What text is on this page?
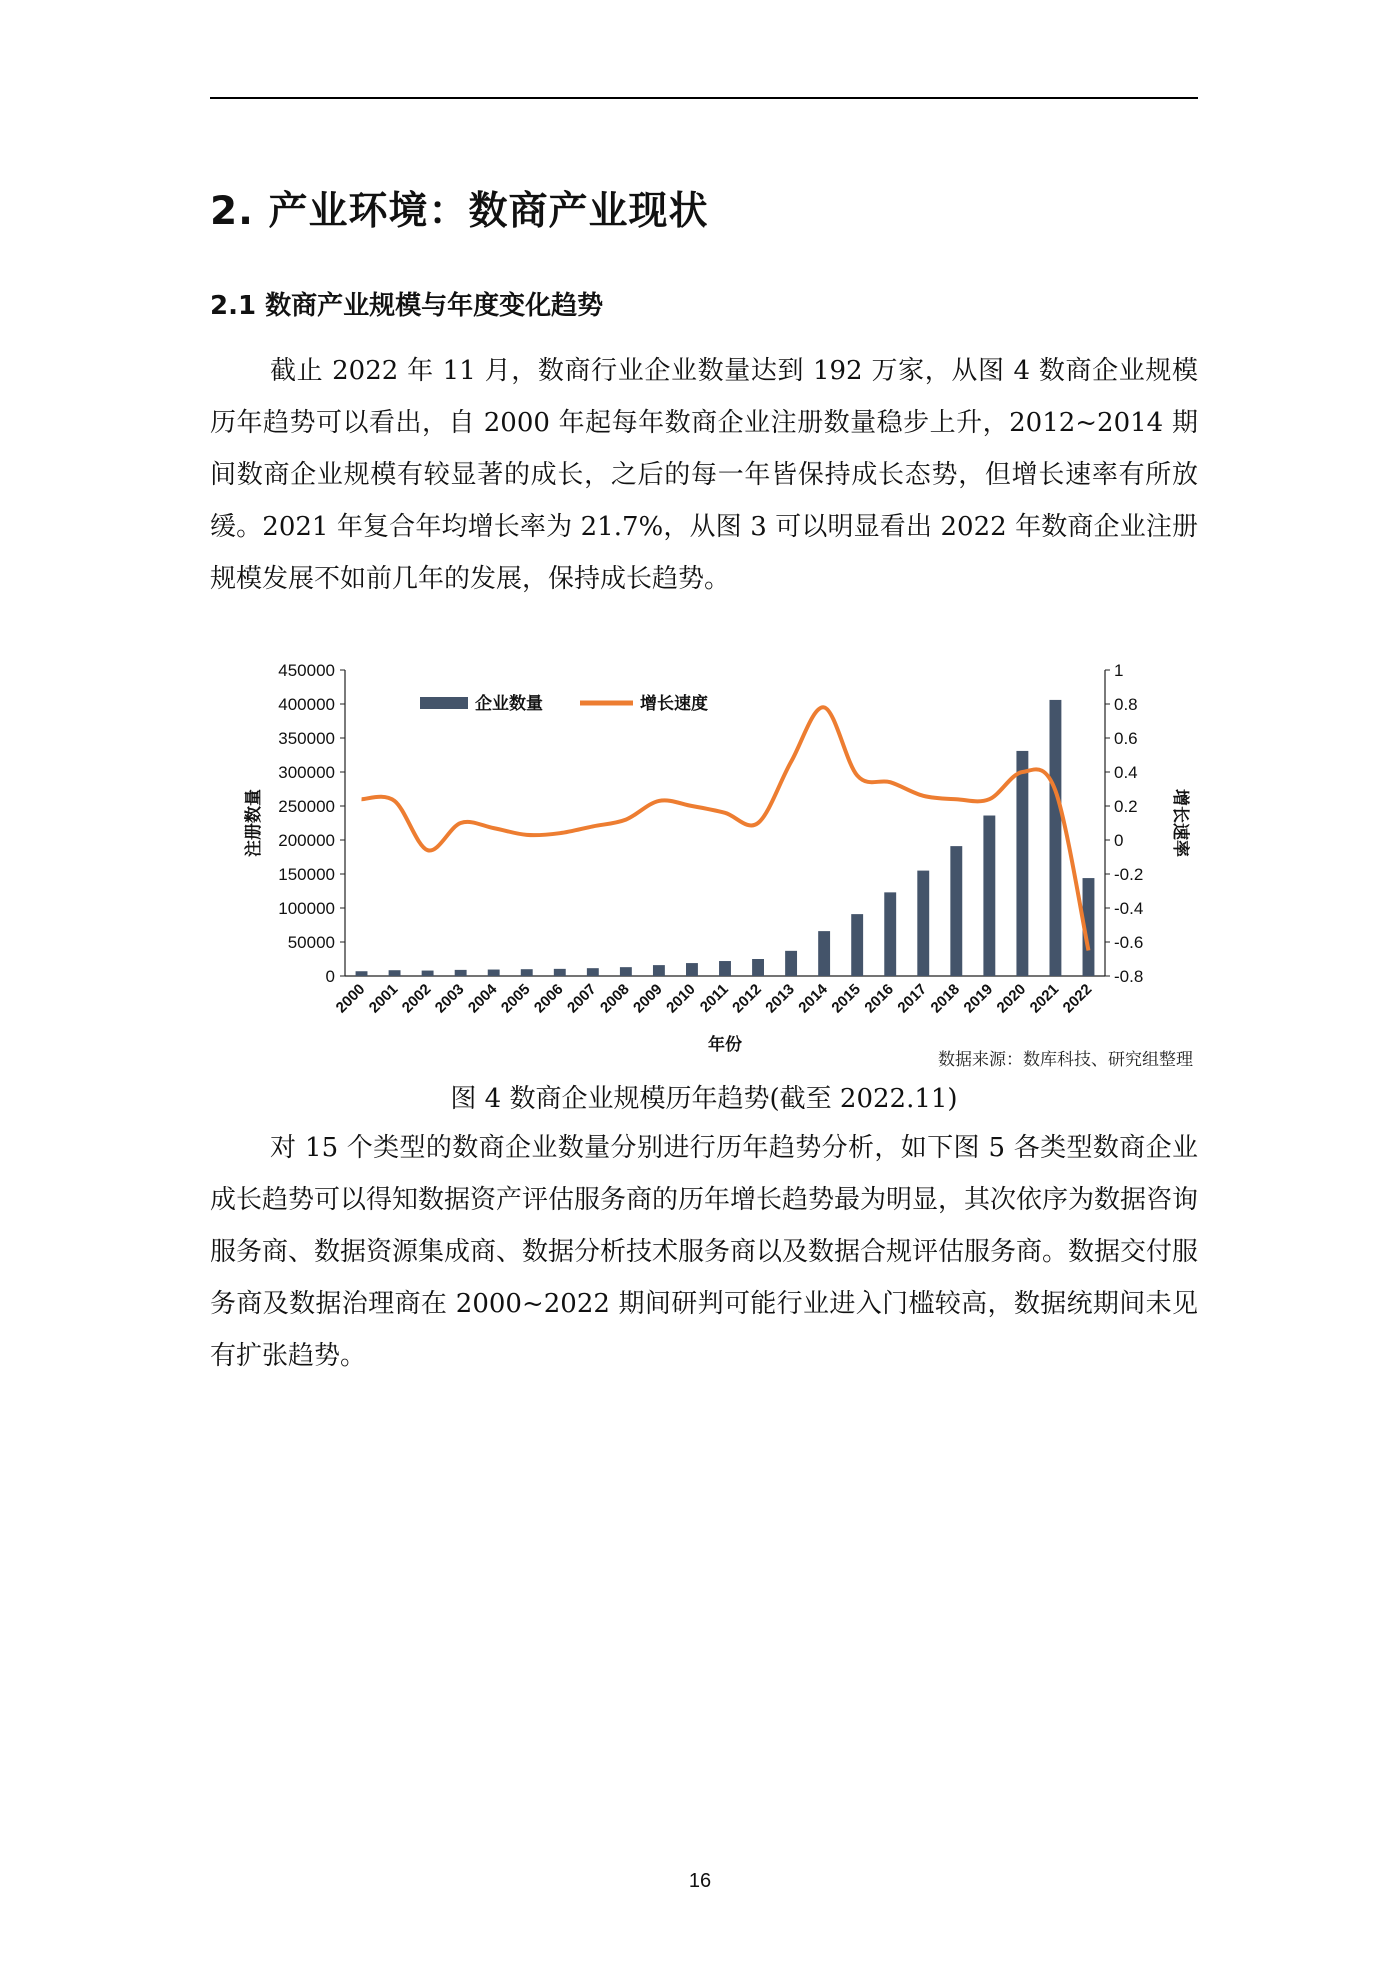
2. 产业环境：数商产业现状
2.1 数商产业规模与年度变化趋势

截止 2022 年 11 月，数商行业企业数量达到 192 万家，从图 4 数商企业规模历年趋势可以看出，自 2000 年起每年数商企业注册数量稳步上升，2012~2014 期间数商企业规模有较显著的成长，之后的每一年皆保持成长态势，但增长速率有所放缓。2021 年复合年均增长率为 21.7%，从图 3 可以明显看出 2022 年数商企业注册规模发展不如前几年的发展，保持成长趋势。

0
50000
100000
150000
200000
250000
300000
350000
400000
450000
-0.8
-0.6
-0.4
-0.2
0
0.2
0.4
0.6
0.8
1
2000
2001
2002
2003
2004
2005
2006
2007
2008
2009
2010
2011
2012
2013
2014
2015
2016
2017
2018
2019
2020
2021
2022
年份
注册数量	增长速率
企业数量	增长速度
数据来源：数库科技、研究组整理
图 4 数商企业规模历年趋势(截至 2022.11)

对 15 个类型的数商企业数量分别进行历年趋势分析，如下图 5 各类型数商企业成长趋势可以得知数据资产评估服务商的历年增长趋势最为明显，其次依序为数据咨询服务商、数据资源集成商、数据分析技术服务商以及数据合规评估服务商。数据交付服务商及数据治理商在 2000~2022 期间研判可能行业进入门槛较高，数据统期间未见有扩张趋势。

16
